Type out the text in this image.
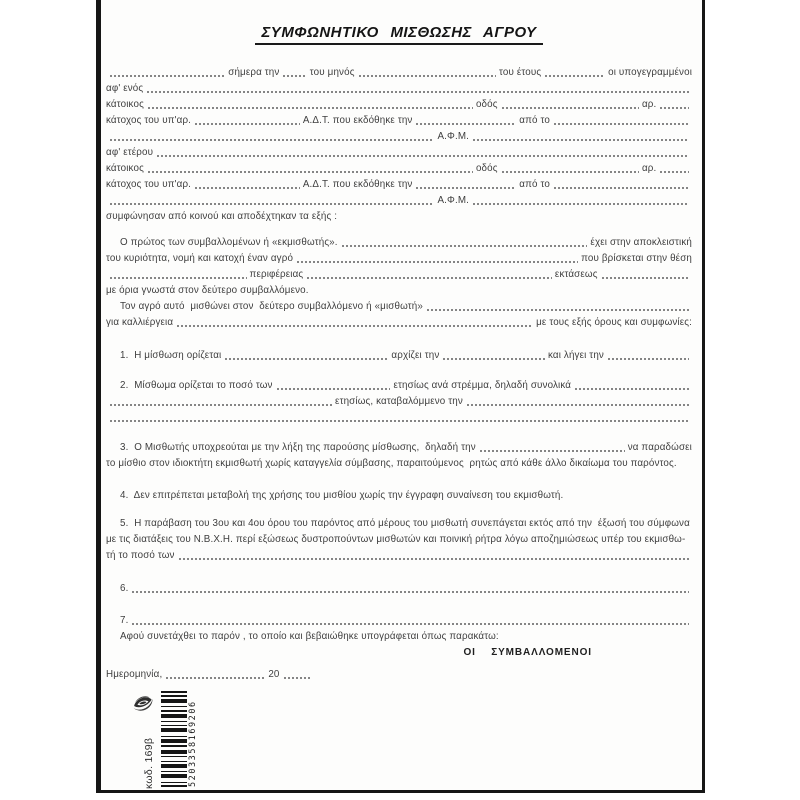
ΣΥΜΦΩΝΗΤΙΚΟ ΜΙΣΘΩΣΗΣ ΑΓΡΟΥ
σήμερα την	του μηνός	του έτους	οι υπογεγραμμένοι
αφ' ενός
κάτοικος	οδός	αρ.
κάτοχος του υπ'αρ.	Α.Δ.Τ. που εκδόθηκε την	από το
Α.Φ.Μ.
αφ' ετέρου
κάτοικος	οδός	αρ.
κάτοχος του υπ'αρ.	Α.Δ.Τ. που εκδόθηκε την	από το
Α.Φ.Μ.
συμφώνησαν από κοινού και αποδέχτηκαν τα εξής :
Ο πρώτος των συμβαλλομένων ή «εκμισθωτής».	έχει στην αποκλειστική
του κυριότητα, νομή και κατοχή έναν αγρό	που βρίσκεται στην θέση
περιφέρειας	εκτάσεως
με όρια γνωστά στον δεύτερο συμβαλλόμενο.
Τον αγρό αυτό  μισθώνει στον  δεύτερο συμβαλλόμενο ή «μισθωτή»
για καλλιέργεια	με τους εξής όρους και συμφωνίες:
1.  Η μίσθωση ορίζεται	αρχίζει την	και λήγει την
2.  Μίσθωμα ορίζεται το ποσό των	ετησίως ανά στρέμμα, δηλαδή συνολικά
ετησίως, καταβαλόμμενο την
3.  Ο Μισθωτής υποχρεούται με την λήξη της παρούσης μίσθωσης,  δηλαδή την	να παραδώσει
το μίσθιο στον ιδιοκτήτη εκμισθωτή χωρίς καταγγελία σύμβασης, παραιτούμενος  ρητώς από κάθε άλλο δικαίωμα του παρόντος.
4.  Δεν επιτρέπεται μεταβολή της χρήσης του μισθίου χωρίς την έγγραφη συναίνεση του εκμισθωτή.
5.  Η παράβαση του 3ου και 4ου όρου του παρόντος από μέρους του μισθωτή συνεπάγεται εκτός από την  έξωσή του σύμφωνα
με τις διατάξεις του Ν.Β.Χ.Η. περί εξώσεως δυστροπούντων μισθωτών και ποινική ρήτρα λόγω αποζημιώσεως υπέρ του εκμισθω-
τή το ποσό των
6.
7.
Αφού συνετάχθει το παρόν , το οποίο και βεβαιώθηκε υπογράφεται όπως παρακάτω:
ΟΙ  ΣΥΜΒΑΛΛΟΜΕΝΟΙ
Ημερομηνία,	20
κωδ. 169β	5203358169206
